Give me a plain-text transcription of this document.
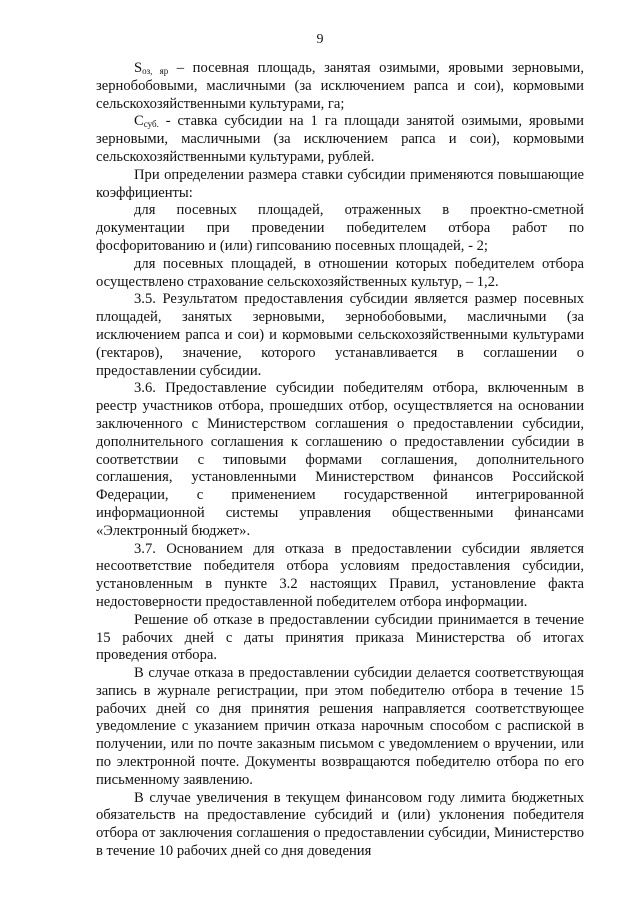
9

$S_{оз, яр}$ – посевная площадь, занятая озимыми, яровыми зерновыми, зернобобовыми, масличными (за исключением рапса и сои), кормовыми сельскохозяйственными культурами, га;

$С_{суб.}$ - ставка субсидии на 1 га площади занятой озимыми, яровыми зерновыми, масличными (за исключением рапса и сои), кормовыми сельскохозяйственными культурами, рублей.

При определении размера ставки субсидии применяются повышающие коэффициенты:

для посевных площадей, отраженных в проектно-сметной документации при проведении победителем отбора работ по фосфоритованию и (или) гипсованию посевных площадей, - 2;

для посевных площадей, в отношении которых победителем отбора осуществлено страхование сельскохозяйственных культур, – 1,2.

3.5. Результатом предоставления субсидии является размер посевных площадей, занятых зерновыми, зернобобовыми, масличными (за исключением рапса и сои) и кормовыми сельскохозяйственными культурами (гектаров), значение, которого устанавливается в соглашении о предоставлении субсидии.

3.6. Предоставление субсидии победителям отбора, включенным в реестр участников отбора, прошедших отбор, осуществляется на основании заключенного с Министерством соглашения о предоставлении субсидии, дополнительного соглашения к соглашению о предоставлении субсидии в соответствии с типовыми формами соглашения, дополнительного соглашения, установленными Министерством финансов Российской Федерации, с применением государственной интегрированной информационной системы управления общественными финансами «Электронный бюджет».

3.7. Основанием для отказа в предоставлении субсидии является несоответствие победителя отбора условиям предоставления субсидии, установленным в пункте 3.2 настоящих Правил, установление факта недостоверности предоставленной победителем отбора информации.

Решение об отказе в предоставлении субсидии принимается в течение 15 рабочих дней с даты принятия приказа Министерства об итогах проведения отбора.

В случае отказа в предоставлении субсидии делается соответствующая запись в журнале регистрации, при этом победителю отбора в течение 15 рабочих дней со дня принятия решения направляется соответствующее уведомление с указанием причин отказа нарочным способом с распиской в получении, или по почте заказным письмом с уведомлением о вручении, или по электронной почте. Документы возвращаются победителю отбора по его письменному заявлению.

В случае увеличения в текущем финансовом году лимита бюджетных обязательств на предоставление субсидий и (или) уклонения победителя отбора от заключения соглашения о предоставлении субсидии, Министерство в течение 10 рабочих дней со дня доведения
